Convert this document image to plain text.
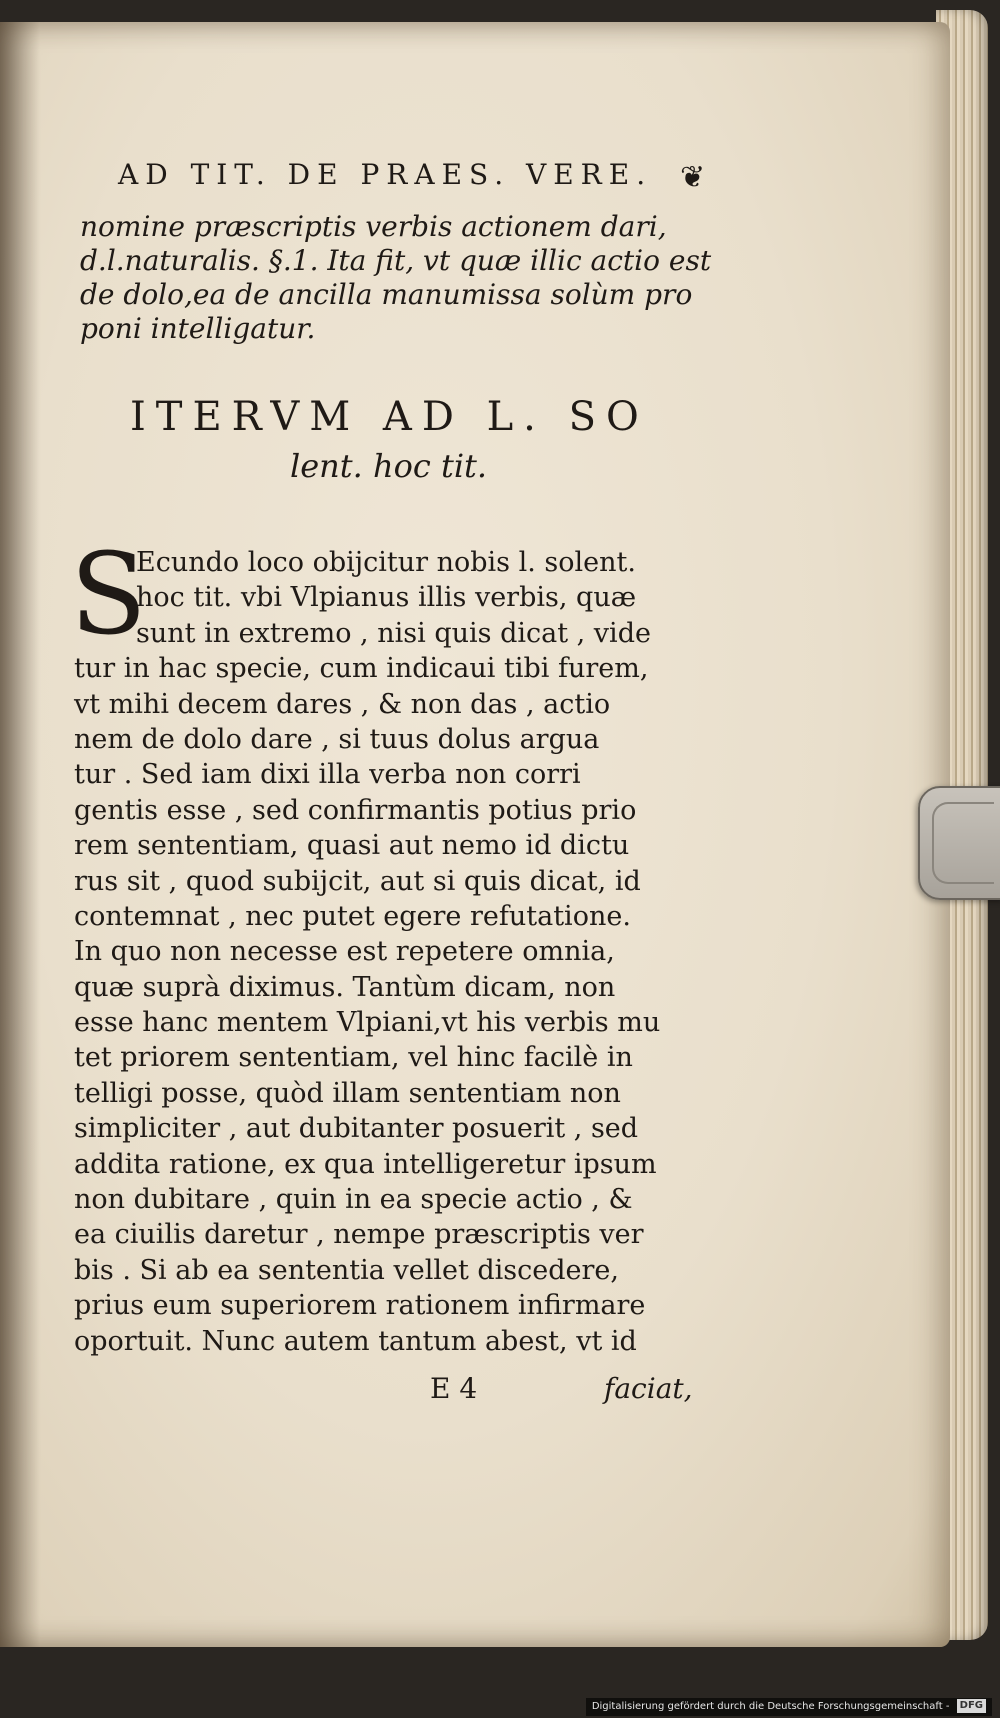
AD TIT. DE PRAES. VERE. ❦
nomine præscriptis verbis actionem dari,
d.l.naturalis. §.1. Ita fit, vt quæ illic actio est
de dolo,ea de ancilla manumissa solùm pro
poni intelligatur.
ITERVM AD L. SO
lent. hoc tit.
S
Ecundo loco obijcitur nobis l. solent.
hoc tit. vbi Vlpianus illis verbis, quæ
sunt in extremo , nisi quis dicat , vide
tur in hac specie, cum indicaui tibi furem,
vt mihi decem dares , & non das , actio
nem de dolo dare , si tuus dolus argua
tur . Sed iam dixi illa verba non corri
gentis esse , sed confirmantis potius prio
rem sententiam, quasi aut nemo id dictu
rus sit , quod subijcit, aut si quis dicat, id
contemnat , nec putet egere refutatione.
In quo non necesse est repetere omnia,
quæ suprà diximus. Tantùm dicam, non
esse hanc mentem Vlpiani,vt his verbis mu
tet priorem sententiam, vel hinc facilè in
telligi posse, quòd illam sententiam non
simpliciter , aut dubitanter posuerit , sed
addita ratione, ex qua intelligeretur ipsum
non dubitare , quin in ea specie actio , &
ea ciuilis daretur , nempe præscriptis ver
bis . Si ab ea sententia vellet discedere,
prius eum superiorem rationem infirmare
oportuit. Nunc autem tantum abest, vt id
E 4	faciat,
Digitalisierung gefördert durch die Deutsche Forschungsgemeinschaft - DFG
